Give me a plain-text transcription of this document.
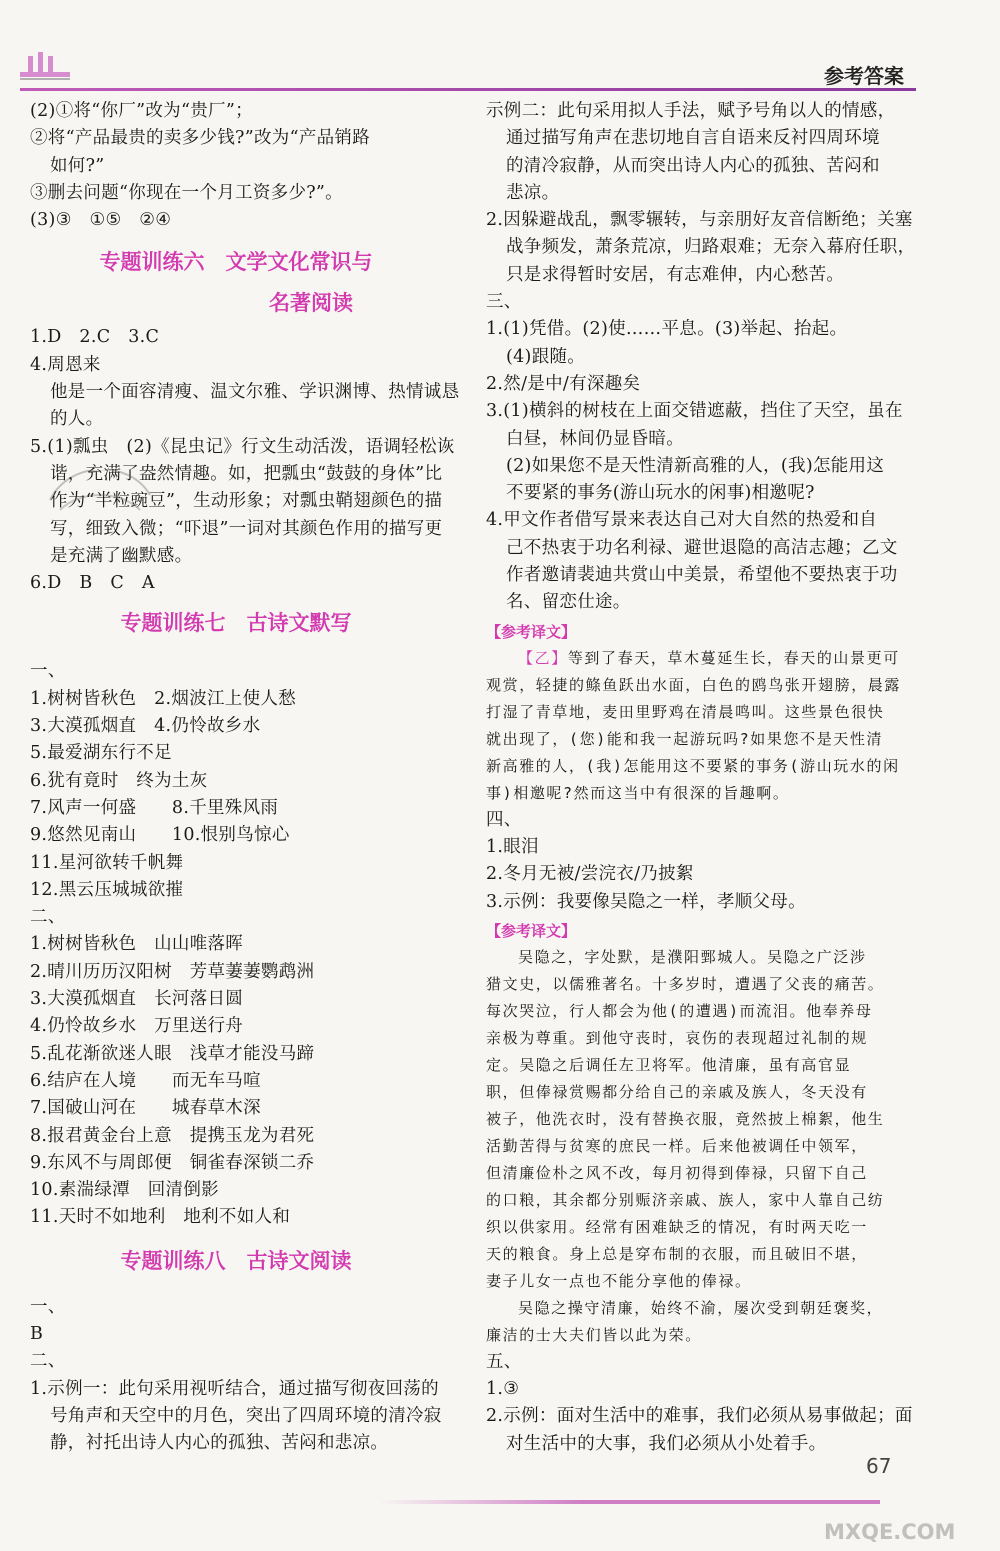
参考答案
(2)①将“你厂”改为“贵厂”；
②将“产品最贵的卖多少钱?”改为“产品销路
如何?”
③删去问题“你现在一个月工资多少?”。
(3)③　①⑤　②④
专题训练六　文学文化常识与
名著阅读
1.D　2.C　3.C
4.周恩来
他是一个面容清瘦、温文尔雅、学识渊博、热情诚恳
的人。
5.(1)瓢虫　(2)《昆虫记》行文生动活泼，语调轻松诙
谐，充满了盎然情趣。如，把瓢虫“鼓鼓的身体”比
作为“半粒豌豆”，生动形象；对瓢虫鞘翅颜色的描
写，细致入微；“吓退”一词对其颜色作用的描写更
是充满了幽默感。
6.D　B　C　A
专题训练七　古诗文默写
一、
1.树树皆秋色　2.烟波江上使人愁
3.大漠孤烟直　4.仍怜故乡水
5.最爱湖东行不足
6.犹有竟时　终为土灰
7.风声一何盛　　8.千里殊风雨
9.悠然见南山　　10.恨别鸟惊心
11.星河欲转千帆舞
12.黑云压城城欲摧
二、
1.树树皆秋色　山山唯落晖
2.晴川历历汉阳树　芳草萋萋鹦鹉洲
3.大漠孤烟直　长河落日圆
4.仍怜故乡水　万里送行舟
5.乱花渐欲迷人眼　浅草才能没马蹄
6.结庐在人境　　而无车马喧
7.国破山河在　　城春草木深
8.报君黄金台上意　提携玉龙为君死
9.东风不与周郎便　铜雀春深锁二乔
10.素湍绿潭　回清倒影
11.天时不如地利　地利不如人和
专题训练八　古诗文阅读
一、
B
二、
1.示例一：此句采用视听结合，通过描写彻夜回荡的
号角声和天空中的月色，突出了四周环境的清冷寂
静，衬托出诗人内心的孤独、苦闷和悲凉。
示例二：此句采用拟人手法，赋予号角以人的情感，
通过描写角声在悲切地自言自语来反衬四周环境
的清冷寂静，从而突出诗人内心的孤独、苦闷和
悲凉。
2.因躲避战乱，飘零辗转，与亲朋好友音信断绝；关塞
战争频发，萧条荒凉，归路艰难；无奈入幕府任职，
只是求得暂时安居，有志难伸，内心愁苦。
三、
1.(1)凭借。(2)使……平息。(3)举起、抬起。
(4)跟随。
2.然/是中/有深趣矣
3.(1)横斜的树枝在上面交错遮蔽，挡住了天空，虽在
白昼，林间仍显昏暗。
(2)如果您不是天性清新高雅的人，(我)怎能用这
不要紧的事务(游山玩水的闲事)相邀呢?
4.甲文作者借写景来表达自己对大自然的热爱和自
己不热衷于功名利禄、避世退隐的高洁志趣；乙文
作者邀请裴迪共赏山中美景，希望他不要热衷于功
名、留恋仕途。
【参考译文】
【乙】等到了春天，草木蔓延生长，春天的山景更可
观赏，轻捷的鲦鱼跃出水面，白色的鸥鸟张开翅膀，晨露
打湿了青草地，麦田里野鸡在清晨鸣叫。这些景色很快
就出现了，(您)能和我一起游玩吗?如果您不是天性清
新高雅的人，(我)怎能用这不要紧的事务(游山玩水的闲
事)相邀呢?然而这当中有很深的旨趣啊。
四、
1.眼泪
2.冬月无被/尝浣衣/乃披絮
3.示例：我要像吴隐之一样，孝顺父母。
【参考译文】
吴隐之，字处默，是濮阳鄄城人。吴隐之广泛涉
猎文史，以儒雅著名。十多岁时，遭遇了父丧的痛苦。
每次哭泣，行人都会为他(的遭遇)而流泪。他奉养母
亲极为尊重。到他守丧时，哀伤的表现超过礼制的规
定。吴隐之后调任左卫将军。他清廉，虽有高官显
职，但俸禄赏赐都分给自己的亲戚及族人，冬天没有
被子，他洗衣时，没有替换衣服，竟然披上棉絮，他生
活勤苦得与贫寒的庶民一样。后来他被调任中领军，
但清廉俭朴之风不改，每月初得到俸禄，只留下自己
的口粮，其余都分别赈济亲戚、族人，家中人靠自己纺
织以供家用。经常有困难缺乏的情况，有时两天吃一
天的粮食。身上总是穿布制的衣服，而且破旧不堪，
妻子儿女一点也不能分享他的俸禄。
吴隐之操守清廉，始终不渝，屡次受到朝廷褒奖，
廉洁的士大夫们皆以此为荣。
五、
1.③
2.示例：面对生活中的难事，我们必须从易事做起；面
对生活中的大事，我们必须从小处着手。
67
MXQE.COM
